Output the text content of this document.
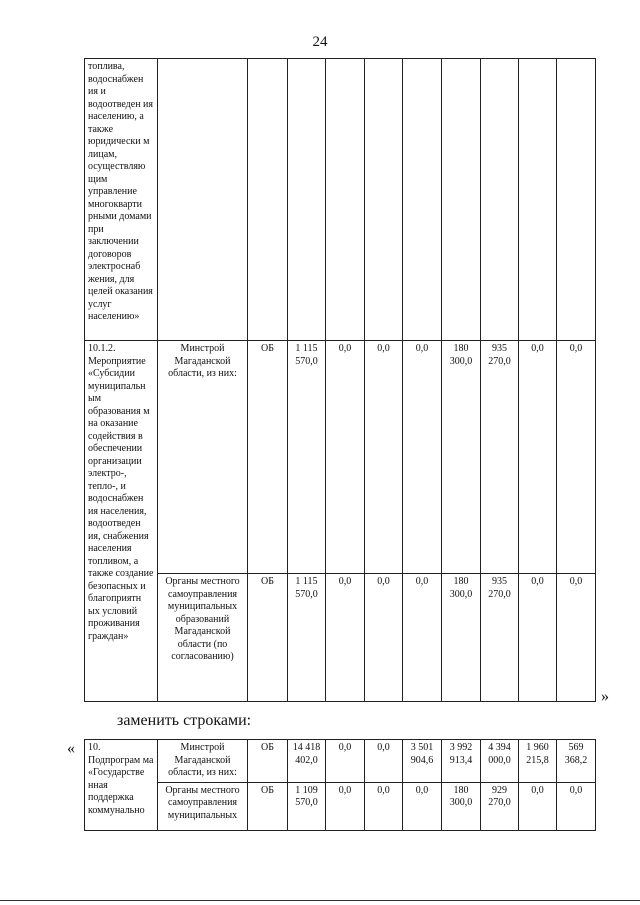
24
топлива, водоснабжен ия и водоотведен ия населению, а также юридически м лицам, осуществляю щим управление многокварти рными домами при заключении договоров электроснаб жения, для целей оказания услуг населению»										
10.1.2. Мероприятие «Субсидии муниципальн ым образования м на оказание содействия в обеспечении организации электро-, тепло-, и водоснабжен ия населения, водоотведен ия, снабжения населения топливом, а также создание безопасных и благоприятн ых условий проживания граждан»	Минстрой Магаданской области, из них:	ОБ	1 115 570,0	0,0	0,0	0,0	180 300,0	935 270,0	0,0	0,0
	Органы местного самоуправления муниципальных образований Магаданской области (по согласованию)	ОБ	1 115 570,0	0,0	0,0	0,0	180 300,0	935 270,0	0,0	0,0
»
заменить строками:
« 10. Подпрограм ма «Государстве нная поддержка коммунально	Минстрой Магаданской области, из них:	ОБ	14 418 402,0	0,0	0,0	3 501 904,6	3 992 913,4	4 394 000,0	1 960 215,8	569 368,2
	Органы местного самоуправления муниципальных	ОБ	1 109 570,0	0,0	0,0	0,0	180 300,0	929 270,0	0,0	0,0
